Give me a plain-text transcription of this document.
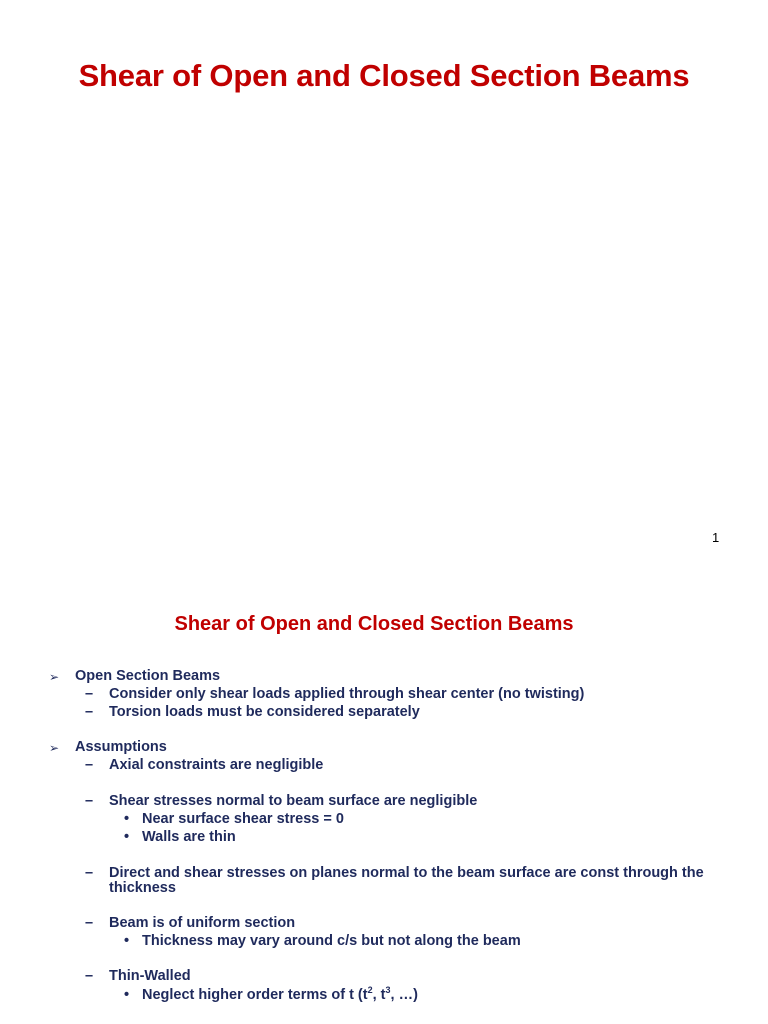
Shear of Open and Closed Section Beams
1
Shear of Open and Closed Section Beams
➢ Open Section Beams
– Consider only shear loads applied through shear center (no twisting)
– Torsion loads must be considered separately
➢ Assumptions
– Axial constraints are negligible
– Shear stresses normal to beam surface are negligible
• Near surface shear stress = 0
• Walls are thin
– Direct and shear stresses on planes normal to the beam surface are const through the
thickness
– Beam is of uniform section
• Thickness may vary around c/s but not along the beam
– Thin-Walled
• Neglect higher order terms of t ($t^2$, $t^3$, …)
